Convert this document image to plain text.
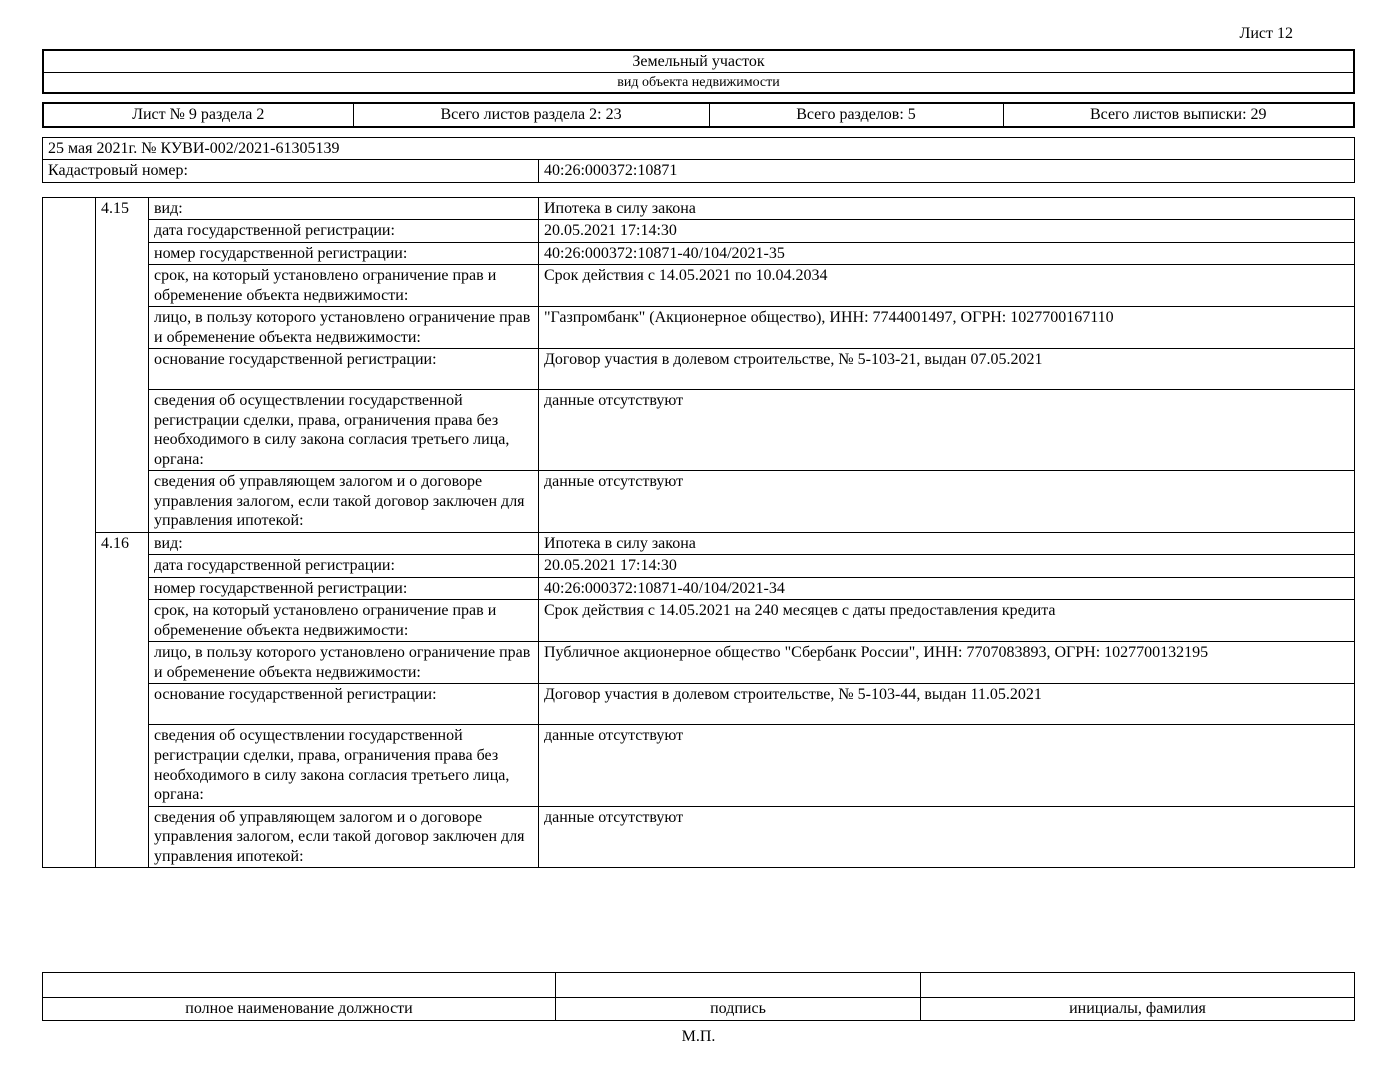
Лист 12
Земельный участок
вид объекта недвижимости
Лист № 9 раздела 2	Всего листов раздела 2: 23	Всего разделов: 5	Всего листов выписки: 29
25 мая 2021г. № КУВИ-002/2021-61305139
Кадастровый номер:	40:26:000372:10871
	4.15	вид:	Ипотека в силу закона
		дата государственной регистрации:	20.05.2021 17:14:30
		номер государственной регистрации:	40:26:000372:10871-40/104/2021-35
		срок, на который установлено ограничение прав и обременение объекта недвижимости:	Срок действия с 14.05.2021 по 10.04.2034
		лицо, в пользу которого установлено ограничение прав и обременение объекта недвижимости:	"Газпромбанк" (Акционерное общество), ИНН: 7744001497, ОГРН: 1027700167110
		основание государственной регистрации:	Договор участия в долевом строительстве, № 5-103-21, выдан 07.05.2021
		сведения об осуществлении государственной регистрации сделки, права, ограничения права без необходимого в силу закона согласия третьего лица, органа:	данные отсутствуют
		сведения об управляющем залогом и о договоре управления залогом, если такой договор заключен для управления ипотекой:	данные отсутствуют
	4.16	вид:	Ипотека в силу закона
		дата государственной регистрации:	20.05.2021 17:14:30
		номер государственной регистрации:	40:26:000372:10871-40/104/2021-34
		срок, на который установлено ограничение прав и обременение объекта недвижимости:	Срок действия с 14.05.2021 на 240 месяцев с даты предоставления кредита
		лицо, в пользу которого установлено ограничение прав и обременение объекта недвижимости:	Публичное акционерное общество "Сбербанк России", ИНН: 7707083893, ОГРН: 1027700132195
		основание государственной регистрации:	Договор участия в долевом строительстве, № 5-103-44, выдан 11.05.2021
		сведения об осуществлении государственной регистрации сделки, права, ограничения права без необходимого в силу закона согласия третьего лица, органа:	данные отсутствуют
		сведения об управляющем залогом и о договоре управления залогом, если такой договор заключен для управления ипотекой:	данные отсутствуют

полное наименование должности	подпись	инициалы, фамилия
М.П.
